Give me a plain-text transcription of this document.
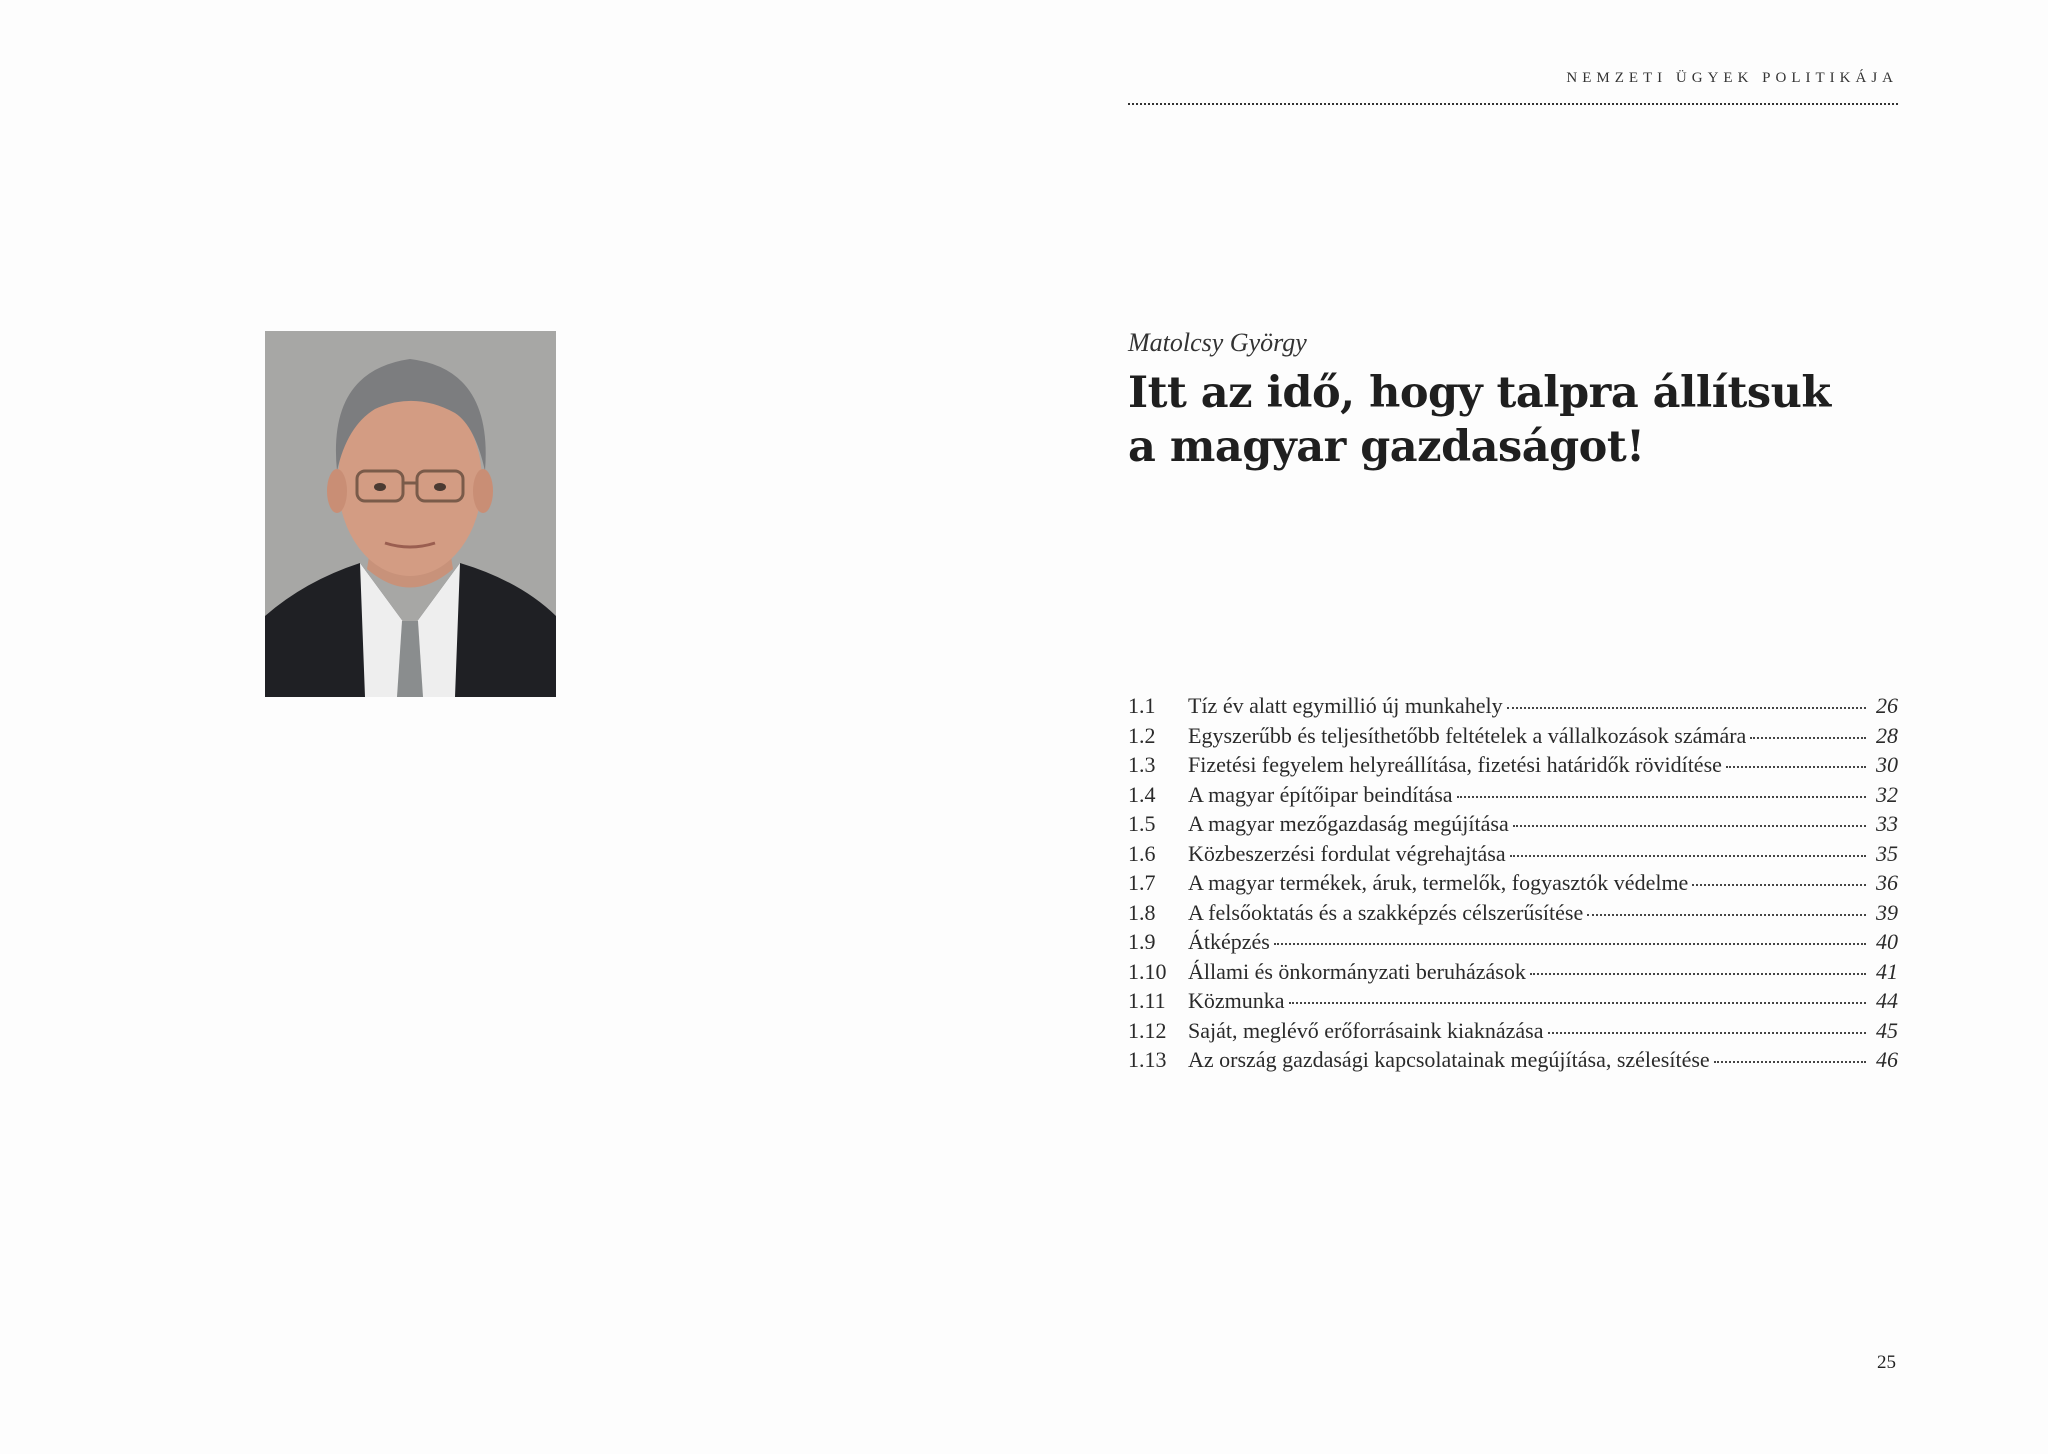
NEMZETI ÜGYEK POLITIKÁJA
Matolcsy György
Itt az idő, hogy talpra állítsuk
a magyar gazdaságot!
1.1	Tíz év alatt egymillió új munkahely	26
1.2	Egyszerűbb és teljesíthetőbb feltételek a vállalkozások számára	28
1.3	Fizetési fegyelem helyreállítása, fizetési határidők rövidítése	30
1.4	A magyar építőipar beindítása	32
1.5	A magyar mezőgazdaság megújítása	33
1.6	Közbeszerzési fordulat végrehajtása	35
1.7	A magyar termékek, áruk, termelők, fogyasztók védelme	36
1.8	A felsőoktatás és a szakképzés célszerűsítése	39
1.9	Átképzés	40
1.10 Állami és önkormányzati beruházások	41
1.11	Közmunka	44
1.12 Saját, meglévő erőforrásaink kiaknázása	45
1.13 Az ország gazdasági kapcsolatainak megújítása, szélesítése	46
25
